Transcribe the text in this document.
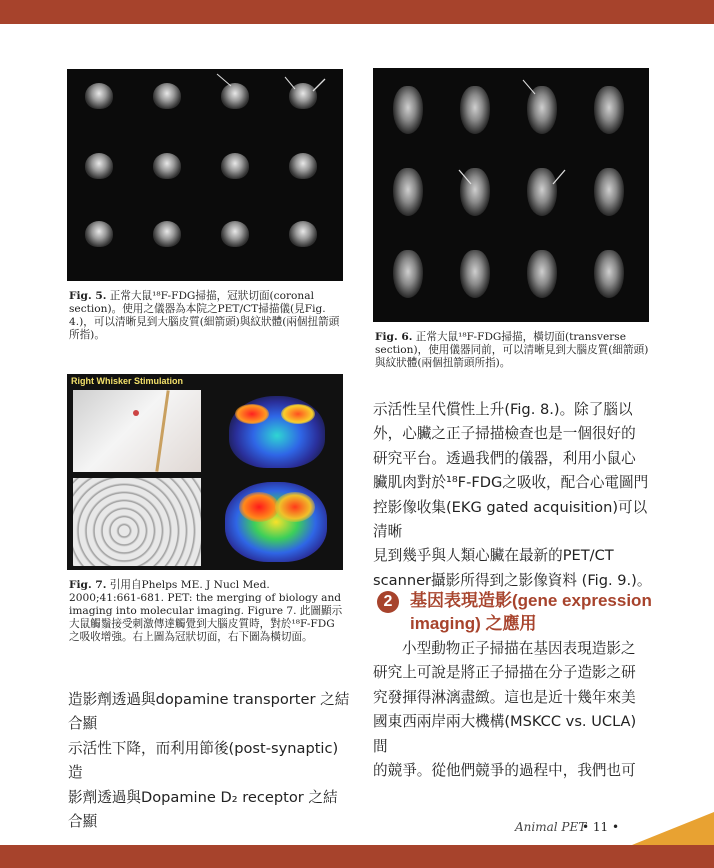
Fig. 5. 正常大鼠¹⁸F-FDG掃描，冠狀切面(coronal section)。使用之儀器為本院之PET/CT掃描儀(見Fig. 4.)，可以清晰見到大腦皮質(細箭頭)與紋狀體(兩個扭箭頭所指)。	Fig. 6. 正常大鼠¹⁸F-FDG掃描，橫切面(transverse section)，使用儀器同前，可以清晰見到大腦皮質(細箭頭)與紋狀體(兩個扭箭頭所指)。
Right Whisker Stimulation
Fig. 7. 引用自Phelps ME. J Nucl Med. 2000;41:661-681. PET: the merging of biology and imaging into molecular imaging. Figure 7. 此圖顯示大鼠觸鬚接受刺激傳達觸覺到大腦皮質時，對於¹⁸F-FDG之吸收增強。右上圖為冠狀切面，右下圖為橫切面。
造影劑透過與dopamine transporter 之結合顯
示活性下降，而利用節後(post-synaptic)造
影劑透過與Dopamine D₂ receptor 之結合顯
示活性呈代償性上升(Fig. 8.)。除了腦以
外，心臟之正子掃描檢查也是一個很好的
研究平台。透過我們的儀器，利用小鼠心
臟肌肉對於¹⁸F-FDG之吸收，配合心電圖門
控影像收集(EKG gated acquisition)可以清晰
見到幾乎與人類心臟在最新的PET/CT
scanner攝影所得到之影像資料 (Fig. 9.)。
2	基因表現造影(gene expression
imaging) 之應用
小型動物正子掃描在基因表現造影之
研究上可說是將正子掃描在分子造影之研
究發揮得淋漓盡緻。這也是近十幾年來美
國東西兩岸兩大機構(MSKCC vs. UCLA) 間
的競爭。從他們競爭的過程中，我們也可
Animal PET
• 11 •
